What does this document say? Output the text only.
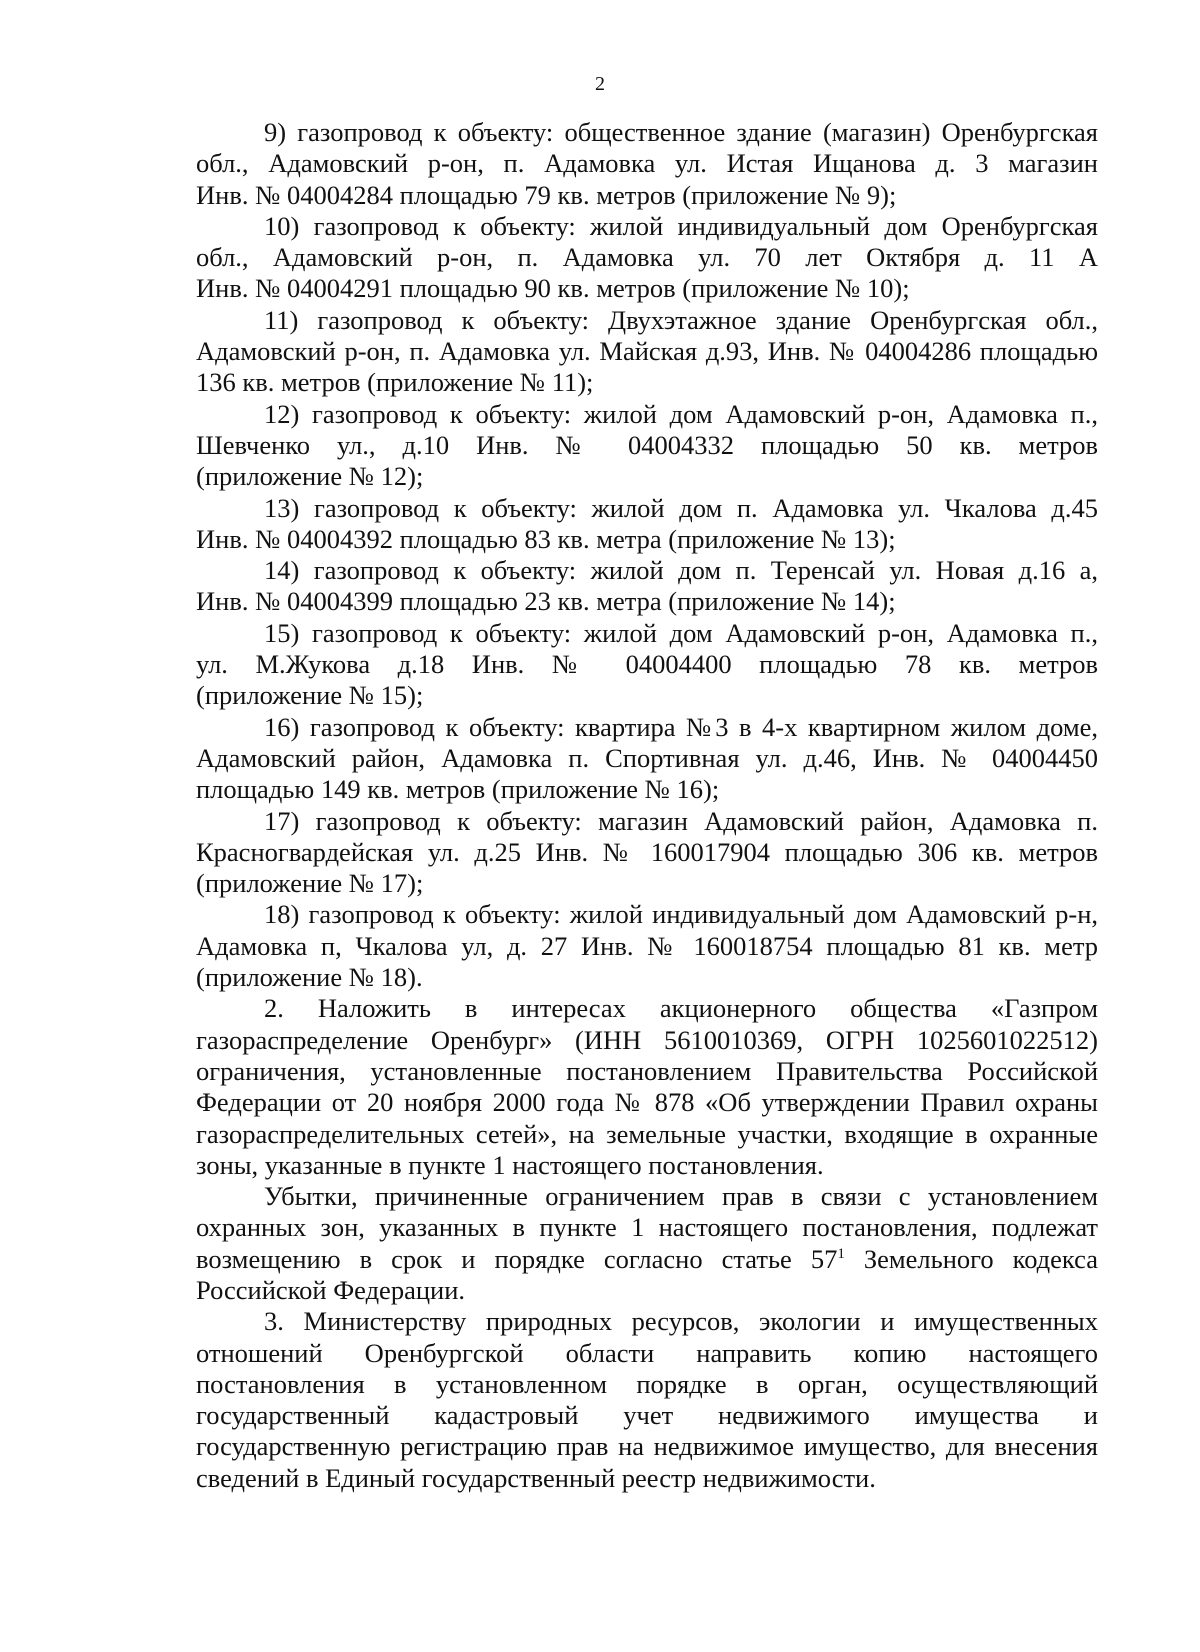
2
9) газопровод к объекту: общественное здание (магазин) Оренбургская
обл., Адамовский р-он, п. Адамовка ул. Истая Ищанова д. 3 магазин
Инв. № 04004284 площадью 79 кв. метров (приложение № 9);
10) газопровод к объекту: жилой индивидуальный дом Оренбургская
обл., Адамовский р-он, п. Адамовка ул. 70 лет Октября д. 11 А
Инв. № 04004291 площадью 90 кв. метров (приложение № 10);
11) газопровод к объекту: Двухэтажное здание Оренбургская обл.,
Адамовский р-он, п. Адамовка ул. Майская д.93, Инв. № 04004286 площадью
136 кв. метров (приложение № 11);
12) газопровод к объекту: жилой дом Адамовский р-он, Адамовка п.,
Шевченко ул., д.10 Инв. № 04004332 площадью 50 кв. метров
(приложение № 12);
13) газопровод к объекту: жилой дом п. Адамовка ул. Чкалова д.45
Инв. № 04004392 площадью 83 кв. метра (приложение № 13);
14) газопровод к объекту: жилой дом п. Теренсай ул. Новая д.16 а,
Инв. № 04004399 площадью 23 кв. метра (приложение № 14);
15) газопровод к объекту: жилой дом Адамовский р-он, Адамовка п.,
ул. М.Жукова д.18 Инв. № 04004400 площадью 78 кв. метров
(приложение № 15);
16) газопровод к объекту: квартира №3 в 4-х квартирном жилом доме,
Адамовский район, Адамовка п. Спортивная ул. д.46, Инв. № 04004450
площадью 149 кв. метров (приложение № 16);
17) газопровод к объекту: магазин Адамовский район, Адамовка п.
Красногвардейская ул. д.25 Инв. № 160017904 площадью 306 кв. метров
(приложение № 17);
18) газопровод к объекту: жилой индивидуальный дом Адамовский р-н,
Адамовка п, Чкалова ул, д. 27 Инв. № 160018754 площадью 81 кв. метр
(приложение № 18).
2. Наложить в интересах акционерного общества «Газпром
газораспределение Оренбург» (ИНН 5610010369, ОГРН 1025601022512)
ограничения, установленные постановлением Правительства Российской
Федерации от 20 ноября 2000 года № 878 «Об утверждении Правил охраны
газораспределительных сетей», на земельные участки, входящие в охранные
зоны, указанные в пункте 1 настоящего постановления.
Убытки, причиненные ограничением прав в связи с установлением
охранных зон, указанных в пункте 1 настоящего постановления, подлежат
возмещению в срок и порядке согласно статье $57^1$ Земельного кодекса
Российской Федерации.
3. Министерству природных ресурсов, экологии и имущественных
отношений Оренбургской области направить копию настоящего
постановления в установленном порядке в орган, осуществляющий
государственный кадастровый учет недвижимого имущества и
государственную регистрацию прав на недвижимое имущество, для внесения
сведений в Единый государственный реестр недвижимости.
